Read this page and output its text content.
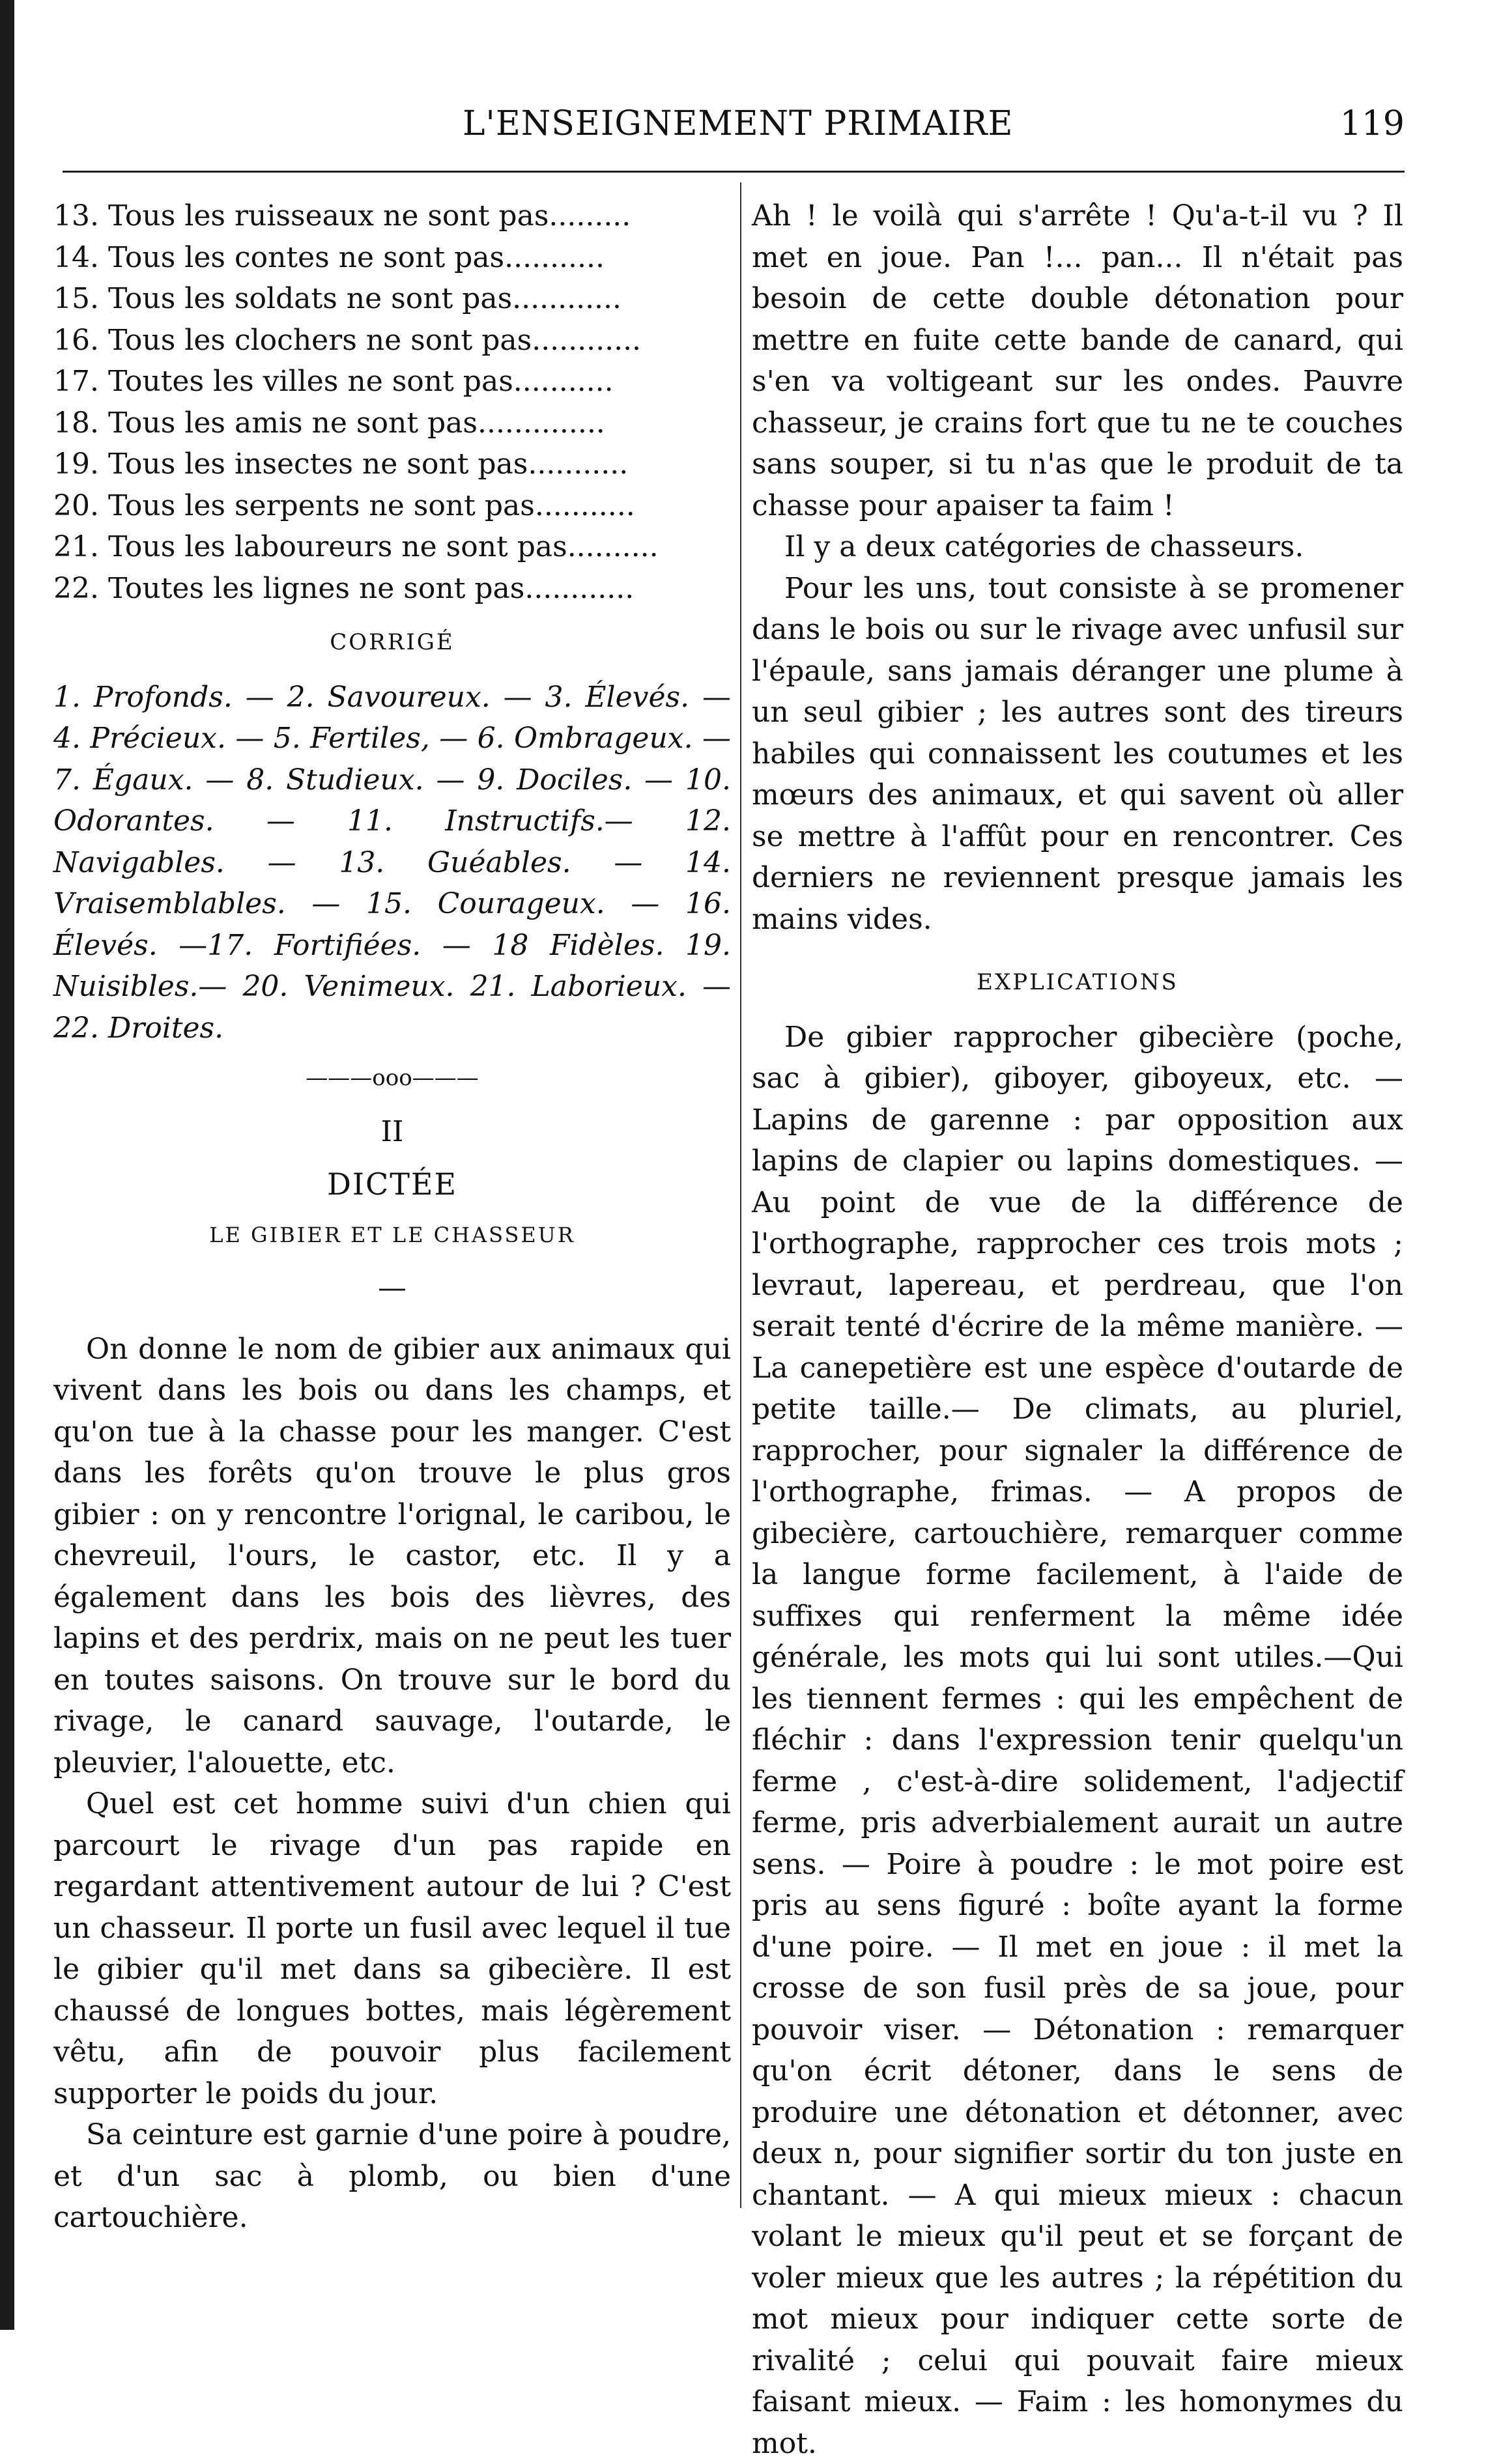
L'ENSEIGNEMENT PRIMAIRE	119

13. Tous les ruisseaux ne sont pas.........

14. Tous les contes ne sont pas...........

15. Tous les soldats ne sont pas............

16. Tous les clochers ne sont pas............

17. Toutes les villes ne sont pas...........

18. Tous les amis ne sont pas..............

19. Tous les insectes ne sont pas...........

20. Tous les serpents ne sont pas...........

21. Tous les laboureurs ne sont pas..........

22. Toutes les lignes ne sont pas............

CORRIGÉ

1. Profonds. — 2. Savoureux. — 3. Élevés. — 4. Précieux. — 5. Fertiles, — 6. Ombrageux. — 7. Égaux. — 8. Studieux. — 9. Dociles. — 10. Odorantes. — 11. Instructifs.— 12. Navigables. — 13. Guéables. — 14. Vraisemblables. — 15. Courageux. — 16. Élevés. —17. Fortifiées. — 18 Fidèles. 19. Nuisibles.— 20. Venimeux. 21. Laborieux. — 22. Droites.

———ooo———
II
DICTÉE
LE GIBIER ET LE CHASSEUR
—

On donne le nom de gibier aux animaux qui vivent dans les bois ou dans les champs, et qu'on tue à la chasse pour les manger. C'est dans les forêts qu'on trouve le plus gros gibier : on y rencontre l'orignal, le caribou, le chevreuil, l'ours, le castor, etc. Il y a également dans les bois des lièvres, des lapins et des perdrix, mais on ne peut les tuer en toutes saisons. On trouve sur le bord du rivage, le canard sauvage, l'outarde, le pleuvier, l'alouette, etc.

Quel est cet homme suivi d'un chien qui parcourt le rivage d'un pas rapide en regardant attentivement autour de lui ? C'est un chasseur. Il porte un fusil avec lequel il tue le gibier qu'il met dans sa gibecière. Il est chaussé de longues bottes, mais légèrement vêtu, afin de pouvoir plus facilement supporter le poids du jour.

Sa ceinture est garnie d'une poire à poudre, et d'un sac à plomb, ou bien d'une cartouchière.

Ah ! le voilà qui s'arrête ! Qu'a-t-il vu ? Il met en joue. Pan !... pan... Il n'était pas besoin de cette double détonation pour mettre en fuite cette bande de canard, qui s'en va voltigeant sur les ondes. Pauvre chasseur, je crains fort que tu ne te couches sans souper, si tu n'as que le produit de ta chasse pour apaiser ta faim !

Il y a deux catégories de chasseurs.

Pour les uns, tout consiste à se promener dans le bois ou sur le rivage avec unfusil sur l'épaule, sans jamais déranger une plume à un seul gibier ; les autres sont des tireurs habiles qui connaissent les coutumes et les mœurs des animaux, et qui savent où aller se mettre à l'affût pour en rencontrer. Ces derniers ne reviennent presque jamais les mains vides.

EXPLICATIONS

De gibier rapprocher gibecière (poche, sac à gibier), giboyer, giboyeux, etc. — Lapins de garenne : par opposition aux lapins de clapier ou lapins domestiques. — Au point de vue de la différence de l'orthographe, rapprocher ces trois mots ; levraut, lapereau, et perdreau, que l'on serait tenté d'écrire de la même manière. — La canepetière est une espèce d'outarde de petite taille.— De climats, au pluriel, rapprocher, pour signaler la différence de l'orthographe, frimas. — A propos de gibecière, cartouchière, remarquer comme la langue forme facilement, à l'aide de suffixes qui renferment la même idée générale, les mots qui lui sont utiles.—Qui les tiennent fermes : qui les empêchent de fléchir : dans l'expression tenir quelqu'un ferme , c'est-à-dire solidement, l'adjectif ferme, pris adverbialement aurait un autre sens. — Poire à poudre : le mot poire est pris au sens figuré : boîte ayant la forme d'une poire. — Il met en joue : il met la crosse de son fusil près de sa joue, pour pouvoir viser. — Détonation : remarquer qu'on écrit détoner, dans le sens de produire une détonation et détonner, avec deux n, pour signifier sortir du ton juste en chantant. — A qui mieux mieux : chacun volant le mieux qu'il peut et se forçant de voler mieux que les autres ; la répétition du mot mieux pour indiquer cette sorte de rivalité ; celui qui pouvait faire mieux faisant mieux. — Faim : les homonymes du mot.
